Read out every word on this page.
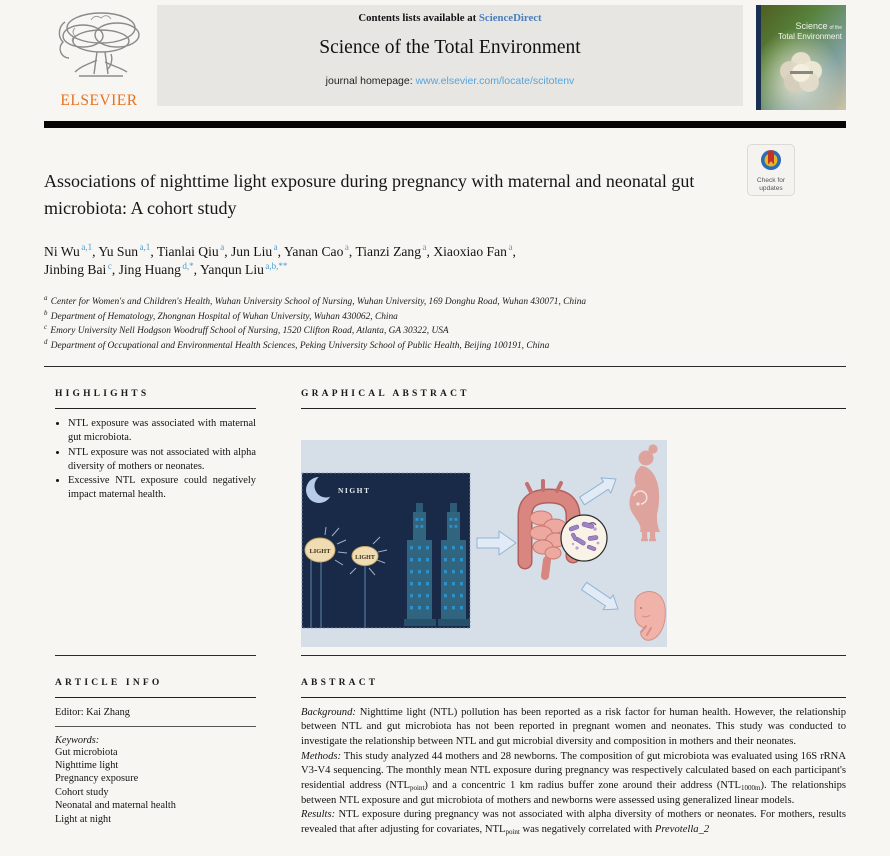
ELSEVIER
Contents lists available at ScienceDirect
Science of the Total Environment
journal homepage: www.elsevier.com/locate/scitotenv
Science of the
Total Environment
Associations of nighttime light exposure during pregnancy with maternal and neonatal gut microbiota: A cohort study
Ni Wu $^{a,1}$, Yu Sun $^{a,1}$, Tianlai Qiu $^a$, Jun Liu $^a$, Yanan Cao $^a$, Tianzi Zang $^a$, Xiaoxiao Fan $^a$,
Jinbing Bai $^c$, Jing Huang $^{d,*}$, Yanqun Liu $^{a,b,**}$
$^a$ Center for Women's and Children's Health, Wuhan University School of Nursing, Wuhan University, 169 Donghu Road, Wuhan 430071, China
$^b$ Department of Hematology, Zhongnan Hospital of Wuhan University, Wuhan 430062, China
$^c$ Emory University Nell Hodgson Woodruff School of Nursing, 1520 Clifton Road, Atlanta, GA 30322, USA
$^d$ Department of Occupational and Environmental Health Sciences, Peking University School of Public Health, Beijing 100191, China
HIGHLIGHTS
• NTL exposure was associated with maternal gut microbiota.
• NTL exposure was not associated with alpha diversity of mothers or neonates.
• Excessive NTL exposure could negatively impact maternal health.
GRAPHICAL ABSTRACT
NIGHT
LIGHT
LIGHT
ARTICLE INFO
Editor: Kai Zhang
Keywords:
Gut microbiota
Nighttime light
Pregnancy exposure
Cohort study
Neonatal and maternal health
Light at night
ABSTRACT

Background: Nighttime light (NTL) pollution has been reported as a risk factor for human health. However, the relationship between NTL and gut microbiota has not been reported in pregnant women and neonates. This study was conducted to investigate the relationship between NTL and gut microbial diversity and composition in mothers and their neonates.

Methods: This study analyzed 44 mothers and 28 newborns. The composition of gut microbiota was evaluated using 16S rRNA V3-V4 sequencing. The monthly mean NTL exposure during pregnancy was respectively calculated based on each participant's residential address (NTLpoint) and a concentric 1 km radius buffer zone around their address (NTL1000m). The relationships between NTL exposure and gut microbiota of mothers and newborns were assessed using generalized linear models.

Results: NTL exposure during pregnancy was not associated with alpha diversity of mothers or neonates. For mothers, results revealed that after adjusting for covariates, NTLpoint was negatively correlated with Prevotella_2

Check for
updates
